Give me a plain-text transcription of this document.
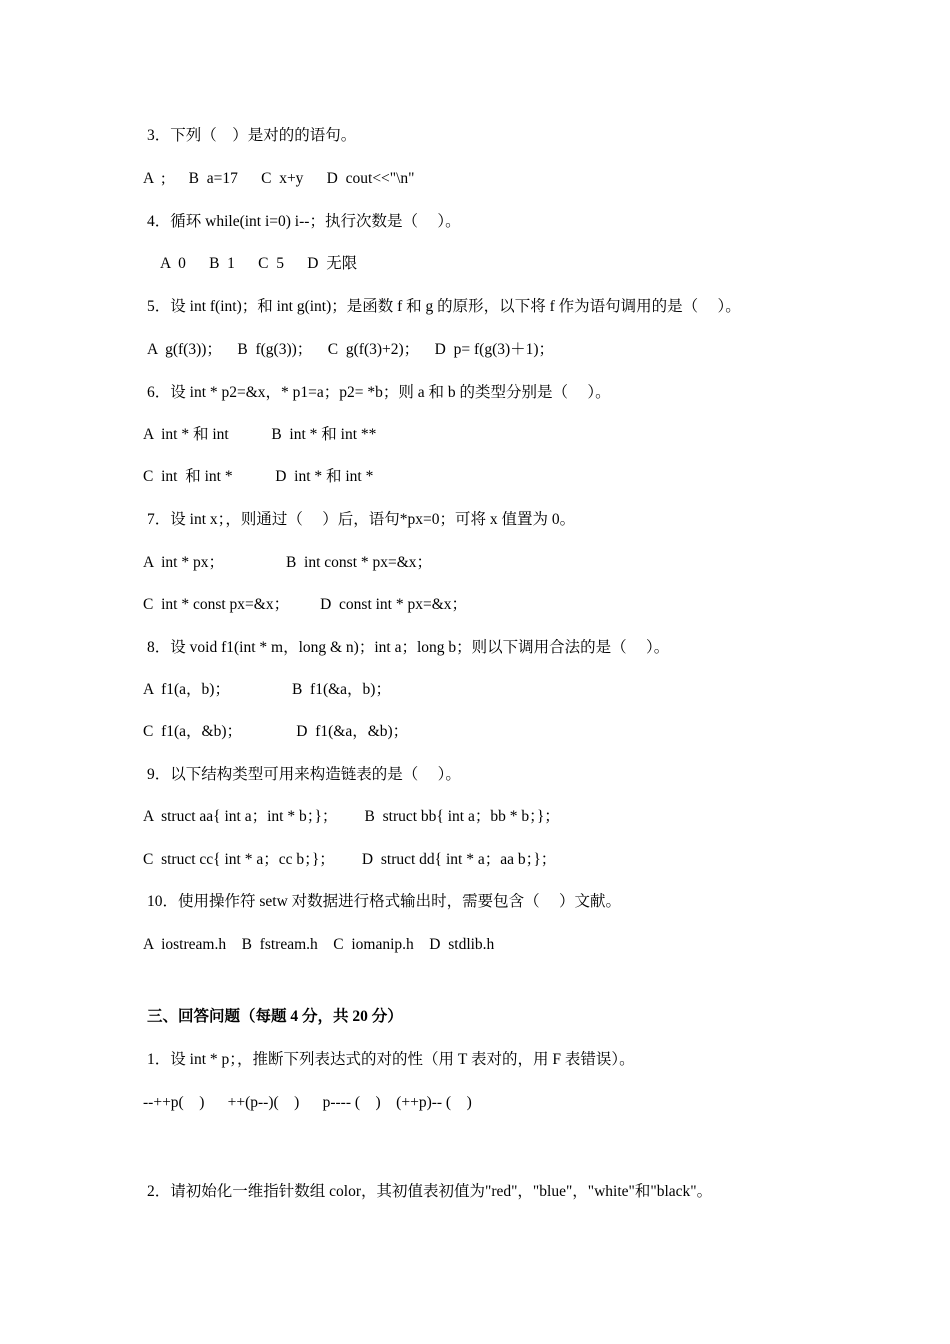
3．下列（　）是对的的语句。
A  ;      B  a=17      C  x+y      D  cout<<"\n"
4．循环 while(int i=0) i--；执行次数是（　 ）。
A  0      B  1      C  5      D  无限
5．设 int f(int)；和 int g(int)；是函数 f 和 g 的原形，以下将 f 作为语句调用的是（　 ）。
A  g(f(3))；    B  f(g(3))；    C  g(f(3)+2)；    D  p= f(g(3)＋1)；
6．设 int * p2=&x，* p1=a；p2= *b；则 a 和 b 的类型分别是（　 ）。
A  int * 和 int           B  int * 和 int **
C  int  和 int *           D  int * 和 int *
7．设 int x；，则通过（　 ）后，语句*px=0；可将 x 值置为 0。
A  int * px；                B  int const * px=&x；
C  int * const px=&x；        D  const int * px=&x；
8．设 void f1(int * m，long & n)；int a；long b；则以下调用合法的是（　 ）。
A  f1(a，b)；                B  f1(&a，b)；
C  f1(a，&b)；              D  f1(&a，&b)；
9．以下结构类型可用来构造链表的是（　 ）。
A  struct aa{ int a；int * b；}；       B  struct bb{ int a；bb * b；}；
C  struct cc{ int * a；cc b；}；       D  struct dd{ int * a；aa b；}；
10．使用操作符 setw 对数据进行格式输出时，需要包含（　 ）文献。
A  iostream.h    B  fstream.h    C  iomanip.h    D  stdlib.h
三、回答问题（每题 4 分，共 20 分）
1．设 int * p；，推断下列表达式的对的性（用 T 表对的，用 F 表错误）。
--++p(    )      ++(p--)(    )      p---- (    )    (++p)-- (    )
2．请初始化一维指针数组 color，其初值表初值为"red"，"blue"，"white"和"black"。
